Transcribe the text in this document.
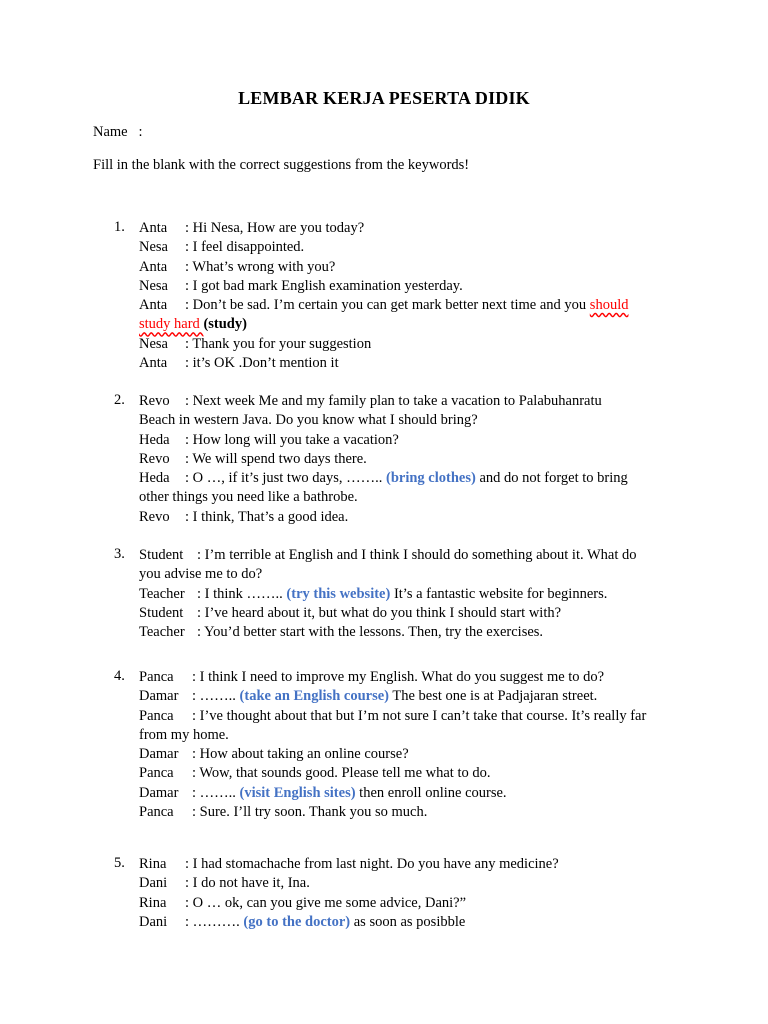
LEMBAR KERJA PESERTA DIDIK
Name   :
Fill in the blank with the correct suggestions from the keywords!
1. Anta : Hi Nesa, How are you today?
Nesa : I feel disappointed.
Anta : What’s wrong with you?
Nesa : I got bad mark English examination yesterday.
Anta : Don’t be sad. I’m certain you can get mark better next time and you should
study hard (study)
Nesa : Thank you for your suggestion
Anta : it’s OK .Don’t mention it
2. Revo : Next week Me and my family plan to take a vacation to Palabuhanratu
Beach in western Java. Do you know what I should bring?
Heda : How long will you take a vacation?
Revo : We will spend two days there.
Heda : O …, if it’s just two days, …….. (bring clothes) and do not forget to bring
other things you need like a bathrobe.
Revo : I think, That’s a good idea.
3. Student : I’m terrible at English and I think I should do something about it. What do
you advise me to do?
Teacher : I think …….. (try this website) It’s a fantastic website for beginners.
Student : I’ve heard about it, but what do you think I should start with?
Teacher : You’d better start with the lessons. Then, try the exercises.
4. Panca : I think I need to improve my English. What do you suggest me to do?
Damar : …….. (take an English course) The best one is at Padjajaran street.
Panca : I’ve thought about that but I’m not sure I can’t take that course. It’s really far
from my home.
Damar : How about taking an online course?
Panca : Wow, that sounds good. Please tell me what to do.
Damar : …….. (visit English sites) then enroll online course.
Panca : Sure. I’ll try soon. Thank you so much.
5. Rina : I had stomachache from last night. Do you have any medicine?
Dani : I do not have it, Ina.
Rina : O … ok, can you give me some advice, Dani?”
Dani : ………. (go to the doctor) as soon as posibble
